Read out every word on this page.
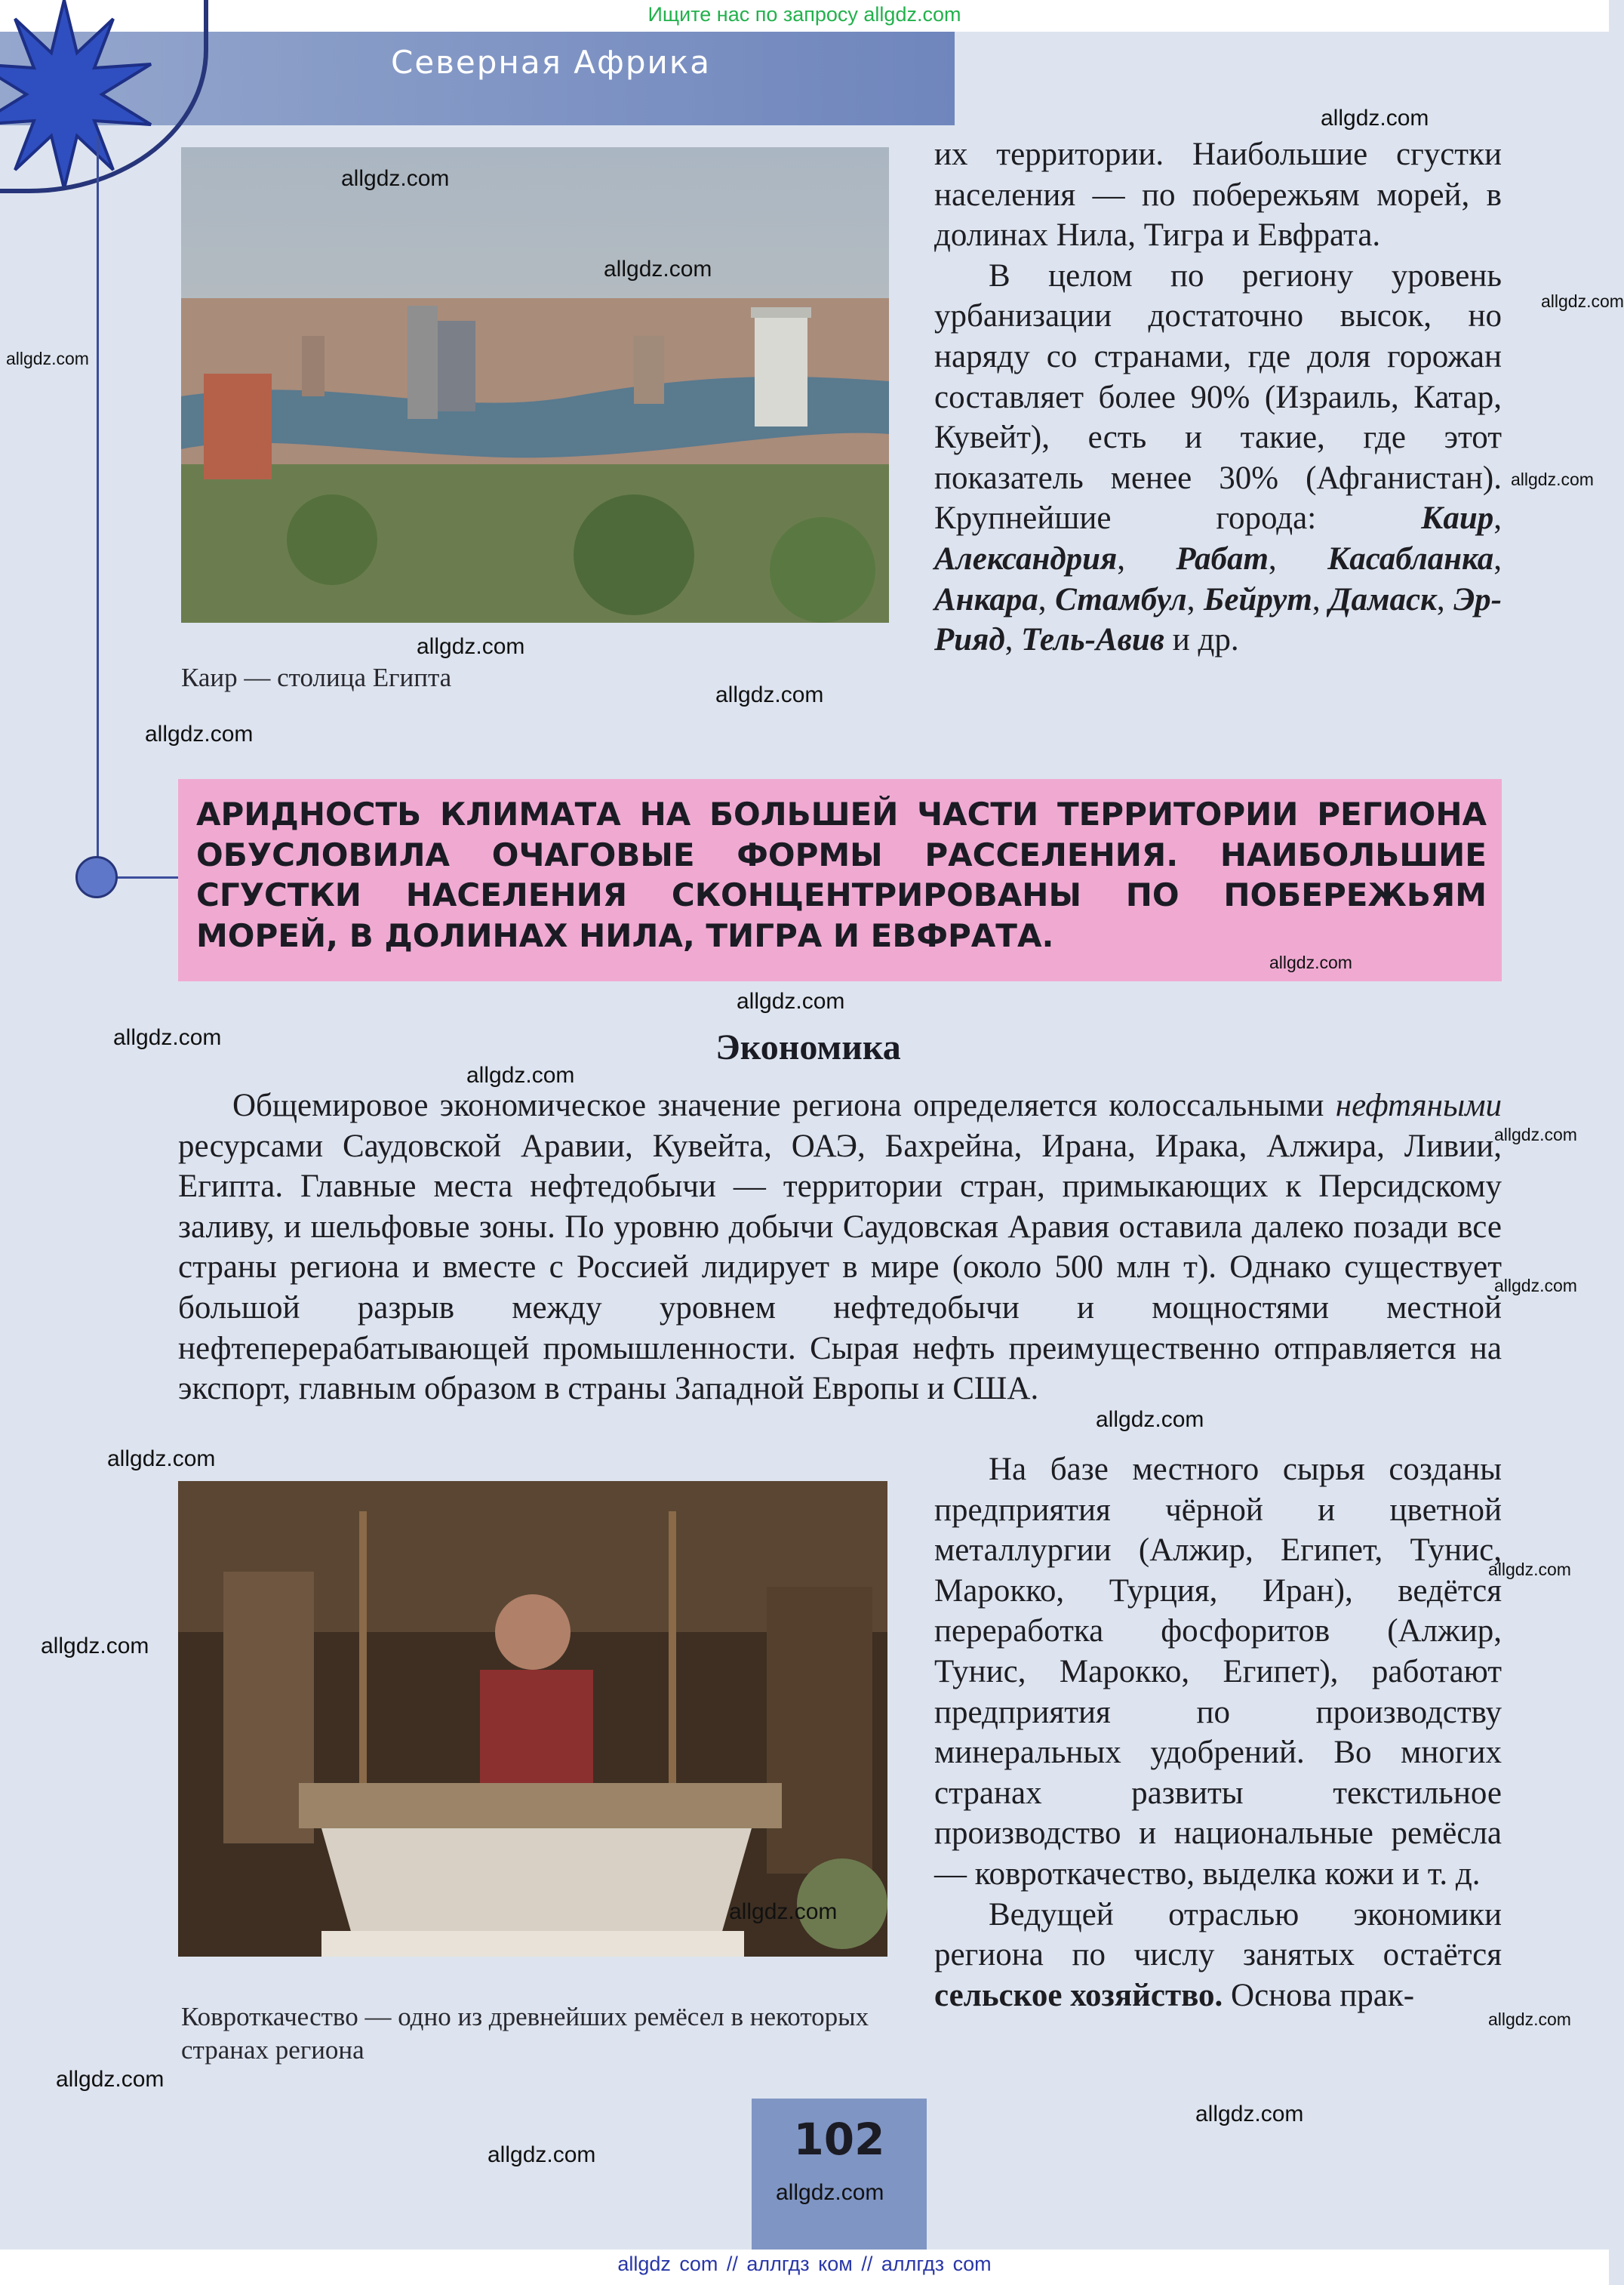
Ищите нас по запросу allgdz.com
Северная Африка
Каир — столица Египта

их территории. Наибольшие сгустки населения — по побережьям морей, в долинах Нила, Тигра и Евфрата.

В целом по региону уровень урбанизации достаточно высок, но наряду со странами, где доля горожан составляет более 90% (Израиль, Катар, Кувейт), есть и такие, где этот показатель менее 30% (Афганистан). Крупнейшие города:	Каир, Александрия, Рабат, Касабланка, Анкара, Стамбул, Бейрут, Дамаск, Эр-Рияд, Тель-Авив и др.

АРИДНОСТЬ КЛИМАТА НА БОЛЬШЕЙ ЧАСТИ ТЕРРИТОРИИ РЕГИОНА ОБУСЛОВИЛА ОЧАГОВЫЕ ФОРМЫ РАССЕЛЕНИЯ. НАИБОЛЬШИЕ СГУСТКИ НАСЕЛЕНИЯ СКОНЦЕНТРИРОВАНЫ ПО ПОБЕРЕЖЬЯМ МОРЕЙ, В ДОЛИНАХ НИЛА, ТИГРА И ЕВФРАТА.
Экономика

Общемировое экономическое значение региона определяется колоссальными нефтяными ресурсами Саудовской Аравии, Кувейта, ОАЭ, Бахрейна, Ирана, Ирака, Алжира, Ливии, Египта. Главные места нефтедобычи — территории стран, примыкающих к Персидскому заливу, и шельфовые зоны. По уровню добычи Саудовская Аравия оставила далеко позади все страны региона и вместе с Россией лидирует в мире (около 500 млн т). Однако существует большой разрыв между уровнем нефтедобычи и мощностями местной нефтеперерабатывающей промышленности. Сырая нефть преимущественно отправляется на экспорт, главным образом в страны Западной Европы и США.

Ковроткачество — одно из древнейших ремёсел в некоторых странах региона

На базе местного сырья созданы предприятия чёрной и цветной металлургии (Алжир, Египет, Тунис, Марокко, Турция, Иран), ведётся переработка фосфоритов (Алжир, Тунис, Марокко, Египет), работают предприятия по производству минеральных удобрений. Во многих странах развиты текстильное производство и национальные ремёсла — ковроткачество, выделка кожи и т. д.

Ведущей отраслью экономики региона по числу занятых остаётся сельское хозяйство. Основа прак-

102
allgdz.com
allgdz.com
allgdz.com
allgdz.com
allgdz.com
allgdz.com
allgdz.com
allgdz.com
allgdz.com
allgdz.com
allgdz.com
allgdz.com
allgdz.com
allgdz.com
allgdz.com
allgdz.com
allgdz.com
allgdz.com
allgdz.com
allgdz.com
allgdz.com
allgdz.com
allgdz.com
allgdz.com
allgdz.com
allgdz com // аллгдз ком // аллгдз com
